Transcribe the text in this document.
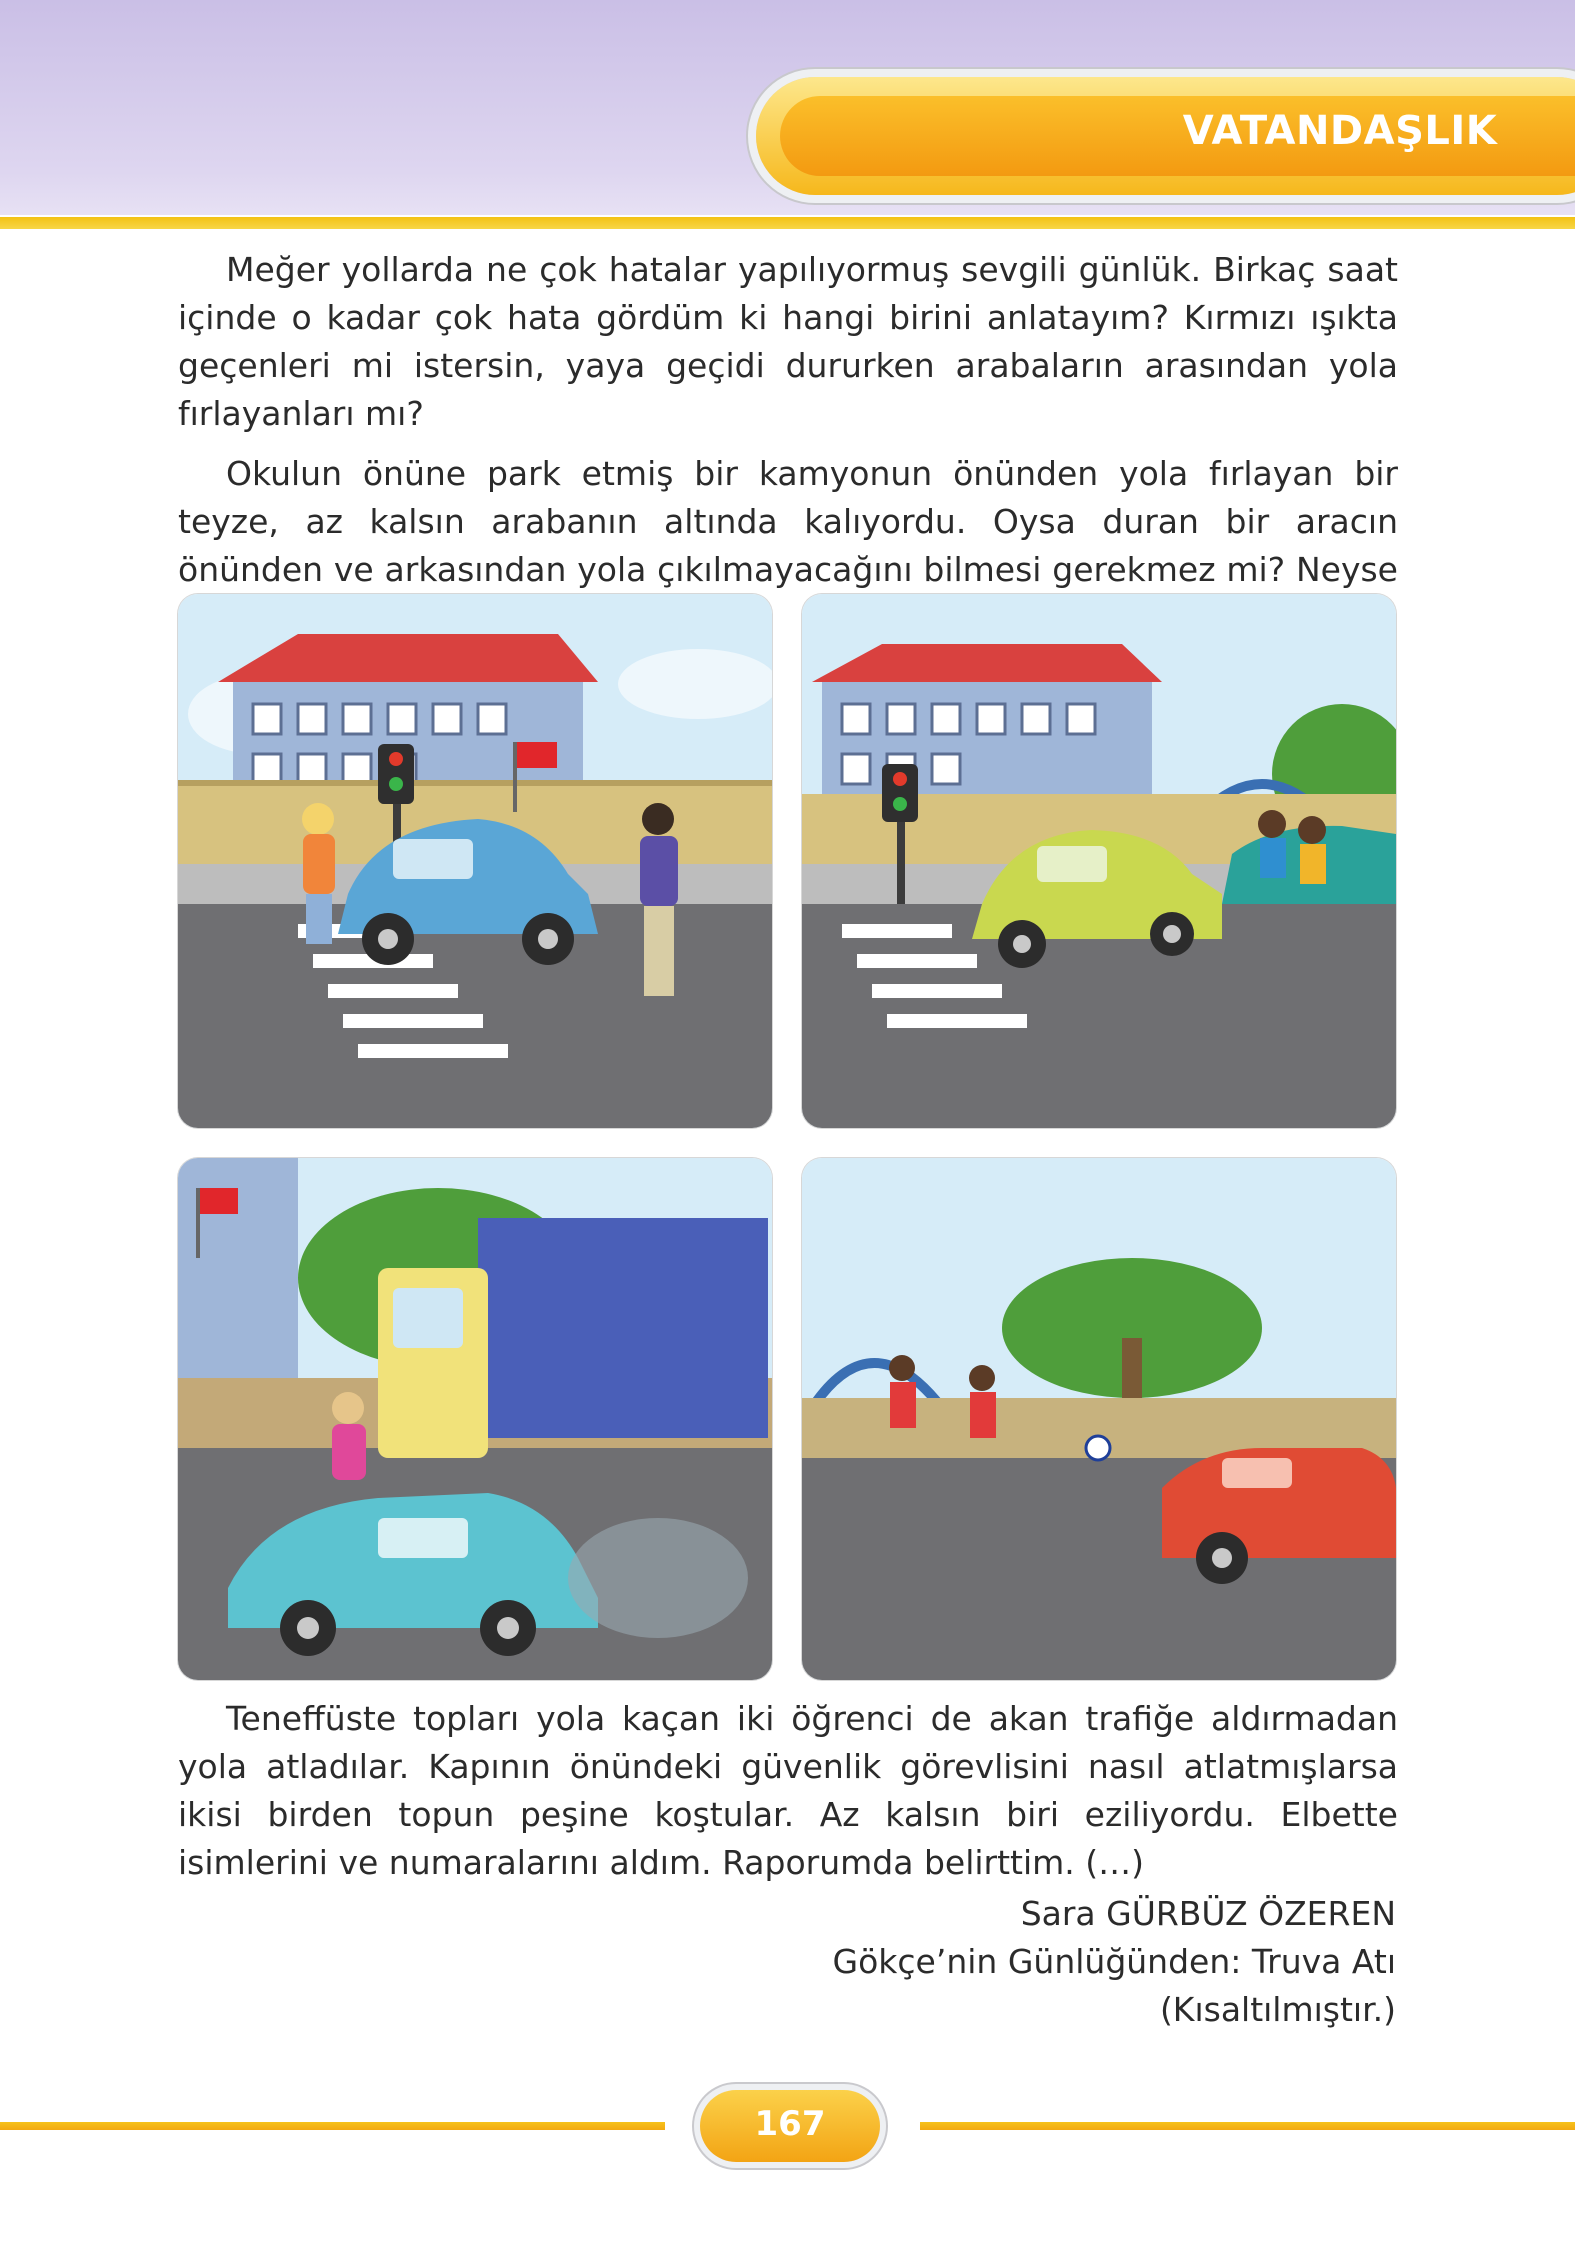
VATANDAŞLIK

Meğer yollarda ne çok hatalar yapılıyormuş sevgili günlük. Birkaç saat içinde o kadar çok hata gördüm ki hangi birini anlatayım? Kırmızı ışıkta geçenleri mi istersin, yaya geçidi dururken arabaların arasından yola fırlayanları mı?

Okulun önüne park etmiş bir kamyonun önünden yola fırlayan bir teyze, az kalsın arabanın altında kalıyordu. Oysa duran bir aracın önünden ve arkasından yola çıkılmayacağını bilmesi gerekmez mi? Neyse

Teneffüste topları yola kaçan iki öğrenci de akan trafiğe aldırmadan yola atladılar. Kapının önündeki güvenlik görevlisini nasıl atlatmışlarsa ikisi birden topun peşine koştular. Az kalsın biri eziliyordu. Elbette isimlerini ve numaralarını aldım. Raporumda belirttim. (…)

Sara GÜRBÜZ ÖZEREN
Gökçe’nin Günlüğünden: Truva Atı
(Kısaltılmıştır.)
167
